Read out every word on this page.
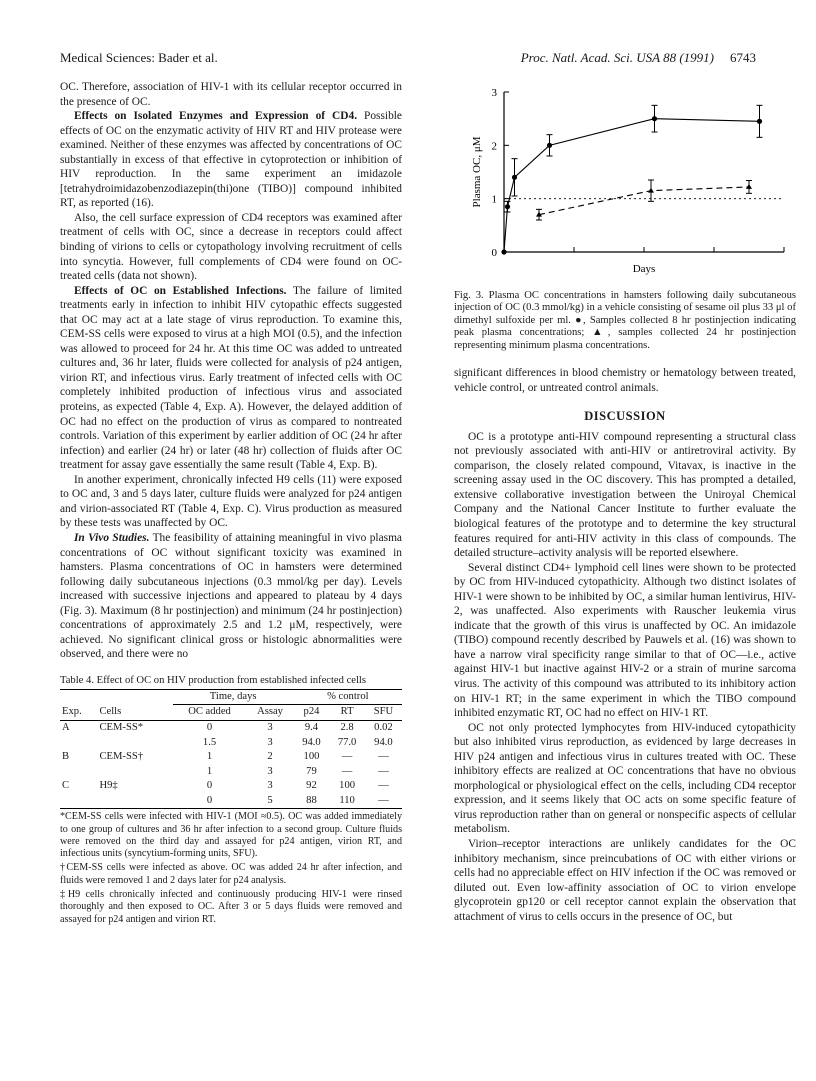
Medical Sciences: Bader et al.	Proc. Natl. Acad. Sci. USA 88 (1991) 6743

OC. Therefore, association of HIV-1 with its cellular receptor occurred in the presence of OC.

Effects on Isolated Enzymes and Expression of CD4. Possible effects of OC on the enzymatic activity of HIV RT and HIV protease were examined. Neither of these enzymes was affected by concentrations of OC substantially in excess of that effective in cytoprotection or inhibition of HIV reproduction. In the same experiment an imidazole [tetrahydroimidazobenzodiazepin(thi)one (TIBO)] compound inhibited RT, as reported (16).

Also, the cell surface expression of CD4 receptors was examined after treatment of cells with OC, since a decrease in receptors could affect binding of virions to cells or cytopathology involving recruitment of cells into syncytia. However, full complements of CD4 were found on OC-treated cells (data not shown).

Effects of OC on Established Infections. The failure of limited treatments early in infection to inhibit HIV cytopathic effects suggested that OC may act at a late stage of virus reproduction. To examine this, CEM-SS cells were exposed to virus at a high MOI (0.5), and the infection was allowed to proceed for 24 hr. At this time OC was added to untreated cultures and, 36 hr later, fluids were collected for analysis of p24 antigen, virion RT, and infectious virus. Early treatment of infected cells with OC completely inhibited production of infectious virus and associated proteins, as expected (Table 4, Exp. A). However, the delayed addition of OC had no effect on the production of virus as compared to nontreated controls. Variation of this experiment by earlier addition of OC (24 hr after infection) and earlier (24 hr) or later (48 hr) collection of fluids after OC treatment for assay gave essentially the same result (Table 4, Exp. B).

In another experiment, chronically infected H9 cells (11) were exposed to OC and, 3 and 5 days later, culture fluids were analyzed for p24 antigen and virion-associated RT (Table 4, Exp. C). Virus production as measured by these tests was unaffected by OC.

In Vivo Studies. The feasibility of attaining meaningful in vivo plasma concentrations of OC without significant toxicity was examined in hamsters. Plasma concentrations of OC in hamsters were determined following daily subcutaneous injections (0.3 mmol/kg per day). Levels increased with successive injections and appeared to plateau by 4 days (Fig. 3). Maximum (8 hr postinjection) and minimum (24 hr postinjection) concentrations of approximately 2.5 and 1.2 μM, respectively, were achieved. No significant clinical gross or histologic abnormalities were observed, and there were no

Table 4. Effect of OC on HIV production from established infected cells

		Time, days		% control		
Exp.	Cells	OC added	Assay	p24	RT	SFU
A	CEM-SS*	0	3	9.4	2.8	0.02
		1.5	3	94.0	77.0	94.0
B	CEM-SS†	1	2	100	—	—
		1	3	79	—	—
C	H9‡	0	3	92	100	—
		0	5	88	110	—

*CEM-SS cells were infected with HIV-1 (MOI ≈0.5). OC was added immediately to one group of cultures and 36 hr after infection to a second group. Culture fluids were removed on the third day and assayed for p24 antigen, virion RT, and infectious units (syncytium-forming units, SFU).

†CEM-SS cells were infected as above. OC was added 24 hr after infection, and fluids were removed 1 and 2 days later for p24 analysis.

‡H9 cells chronically infected and continuously producing HIV-1 were rinsed thoroughly and then exposed to OC. After 3 or 5 days fluids were removed and assayed for p24 antigen and virion RT.

0
1
2
3
Plasma OC, μM
Days

Fig. 3. Plasma OC concentrations in hamsters following daily subcutaneous injection of OC (0.3 mmol/kg) in a vehicle consisting of sesame oil plus 33 μl of dimethyl sulfoxide per ml. ●, Samples collected 8 hr postinjection indicating peak plasma concentrations; ▲, samples collected 24 hr postinjection representing minimum plasma concentrations.

significant differences in blood chemistry or hematology between treated, vehicle control, or untreated control animals.

DISCUSSION

OC is a prototype anti-HIV compound representing a structural class not previously associated with anti-HIV or antiretroviral activity. By comparison, the closely related compound, Vitavax, is inactive in the screening assay used in the OC discovery. This has prompted a detailed, extensive collaborative investigation between the Uniroyal Chemical Company and the National Cancer Institute to further evaluate the biological features of the prototype and to determine the key structural features required for anti-HIV activity in this class of compounds. The detailed structure–activity analysis will be reported elsewhere.

Several distinct CD4+ lymphoid cell lines were shown to be protected by OC from HIV-induced cytopathicity. Although two distinct isolates of HIV-1 were shown to be inhibited by OC, a similar human lentivirus, HIV-2, was unaffected. Also experiments with Rauscher leukemia virus indicate that the growth of this virus is unaffected by OC. An imidazole (TIBO) compound recently described by Pauwels et al. (16) was shown to have a narrow viral specificity range similar to that of OC—i.e., active against HIV-1 but inactive against HIV-2 or a strain of murine sarcoma virus. The activity of this compound was attributed to its inhibitory action on HIV-1 RT; in the same experiment in which the TIBO compound inhibited enzymatic RT, OC had no effect on HIV-1 RT.

OC not only protected lymphocytes from HIV-induced cytopathicity but also inhibited virus reproduction, as evidenced by large decreases in HIV p24 antigen and infectious virus in cultures treated with OC. These inhibitory effects are realized at OC concentrations that have no obvious morphological or physiological effect on the cells, including CD4 receptor expression, and it seems likely that OC acts on some specific feature of virus reproduction rather than on general or nonspecific aspects of cellular metabolism.

Virion–receptor interactions are unlikely candidates for the OC inhibitory mechanism, since preincubations of OC with either virions or cells had no appreciable effect on HIV infection if the OC was removed or diluted out. Even low-affinity association of OC to virion envelope glycoprotein gp120 or cell receptor cannot explain the observation that attachment of virus to cells occurs in the presence of OC, but
